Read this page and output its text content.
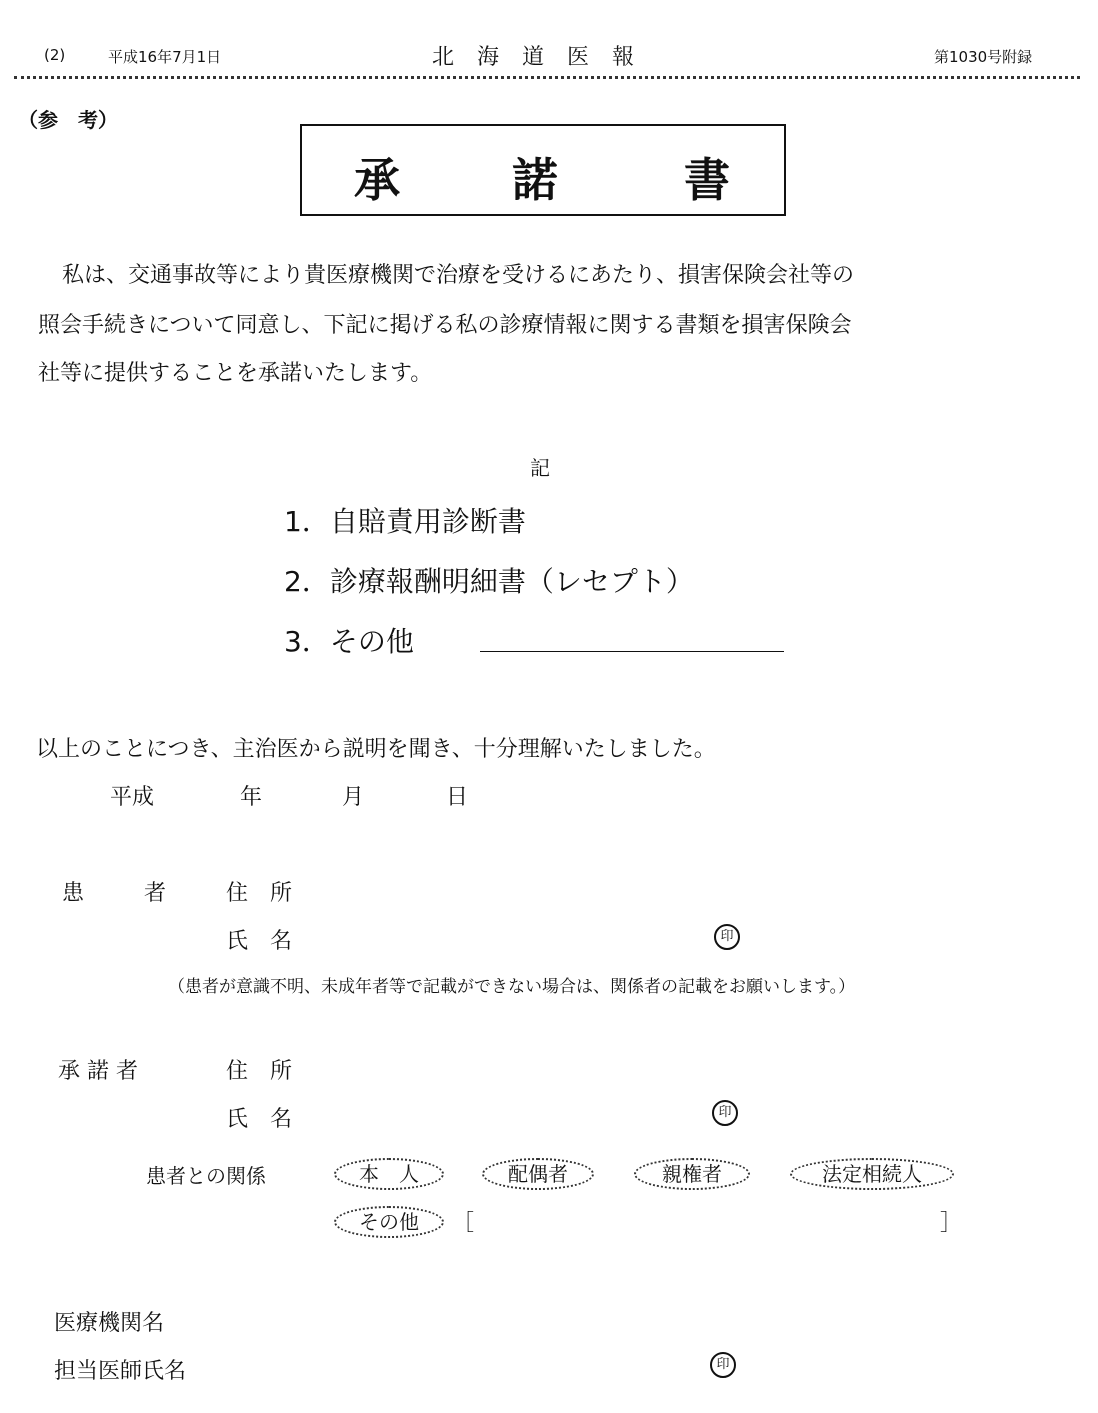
(2)	平成16年7月1日	北 海 道 医 報	第1030号附録
（参　考）
承 諾	書
私は、交通事故等により貴医療機関で治療を受けるにあたり、損害保険会社等の
照会手続きについて同意し、下記に掲げる私の診療情報に関する書類を損害保険会
社等に提供することを承諾いたします。
記
1．自賠責用診断書
2．診療報酬明細書（レセプト）
3．その他
以上のことにつき、主治医から説明を聞き、十分理解いたしました。
平成	年	月	日
患	者	住　所
氏　名	印
（患者が意識不明、未成年者等で記載ができない場合は、関係者の記載をお願いします。）
承 諾 者	住　所
氏　名	印
患者との関係	本　人	配偶者	親権者	法定相続人
その他	［	］
医療機関名
担当医師氏名	印
